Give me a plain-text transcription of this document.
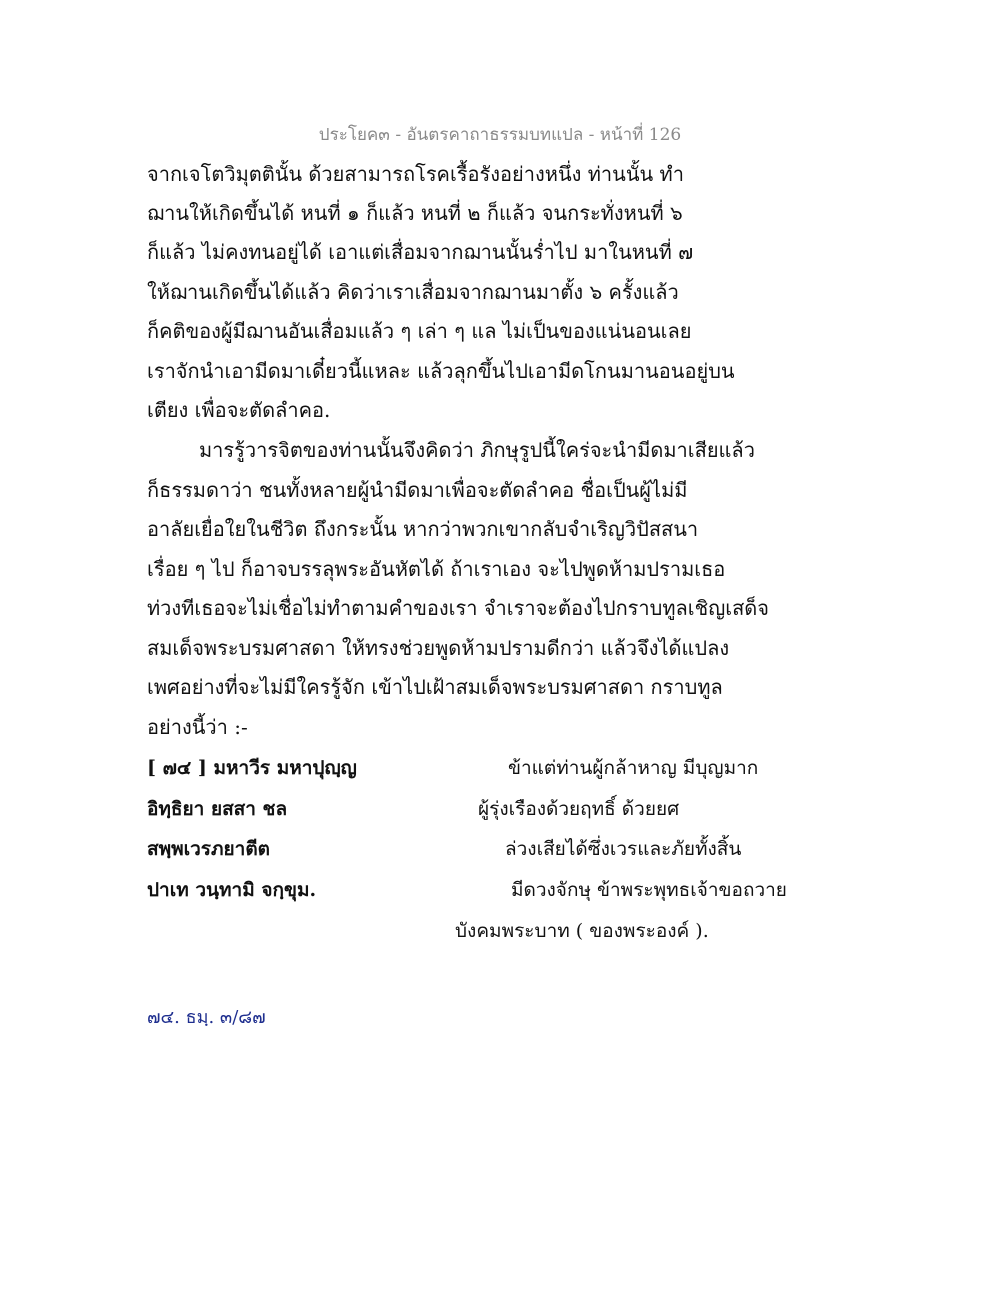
ประโยค๓ - อันตรคาถาธรรมบทแปล - หน้าที่ 126
จากเจโตวิมุตตินั้น ด้วยสามารถโรคเรื้อรังอย่างหนึ่ง ท่านนั้น ทำ
ฌานให้เกิดขึ้นได้ หนที่ ๑ ก็แล้ว หนที่ ๒ ก็แล้ว จนกระทั่งหนที่ ๖
ก็แล้ว ไม่คงทนอยู่ได้ เอาแต่เสื่อมจากฌานนั้นร่ำไป มาในหนที่ ๗
ให้ฌานเกิดขึ้นได้แล้ว คิดว่าเราเสื่อมจากฌานมาตั้ง ๖ ครั้งแล้ว
ก็คติของผู้มีฌานอันเสื่อมแล้ว ๆ เล่า ๆ แล ไม่เป็นของแน่นอนเลย
เราจักนำเอามีดมาเดี๋ยวนี้แหละ แล้วลุกขึ้นไปเอามีดโกนมานอนอยู่บน
เตียง เพื่อจะตัดลำคอ.
มารรู้วารจิตของท่านนั้นจึงคิดว่า ภิกษุรูปนี้ใคร่จะนำมีดมาเสียแล้ว
ก็ธรรมดาว่า ชนทั้งหลายผู้นำมีดมาเพื่อจะตัดลำคอ ชื่อเป็นผู้ไม่มี
อาลัยเยื่อใยในชีวิต ถึงกระนั้น หากว่าพวกเขากลับจำเริญวิปัสสนา
เรื่อย ๆ ไป ก็อาจบรรลุพระอันหัตได้ ถ้าเราเอง จะไปพูดห้ามปรามเธอ
ท่วงทีเธอจะไม่เชื่อไม่ทำตามคำของเรา จำเราจะต้องไปกราบทูลเชิญเสด็จ
สมเด็จพระบรมศาสดา ให้ทรงช่วยพูดห้ามปรามดีกว่า แล้วจึงได้แปลง
เพศอย่างที่จะไม่มีใครรู้จัก เข้าไปเฝ้าสมเด็จพระบรมศาสดา กราบทูล
อย่างนี้ว่า :-
[ ๗๔ ] มหาวีร มหาปุญฺญ	ข้าแต่ท่านผู้กล้าหาญ มีบุญมาก
อิทฺธิยา ยสสา ชล	ผู้รุ่งเรืองด้วยฤทธิ์ ด้วยยศ
สพฺพเวรภยาตีต	ล่วงเสียได้ซึ่งเวรและภัยทั้งสิ้น
ปาเท วนฺทามิ จกฺขุม.	มีดวงจักษุ ข้าพระพุทธเจ้าขอถวาย
บังคมพระบาท ( ของพระองค์ ).
๗๔. ธมฺ. ๓/๘๗
